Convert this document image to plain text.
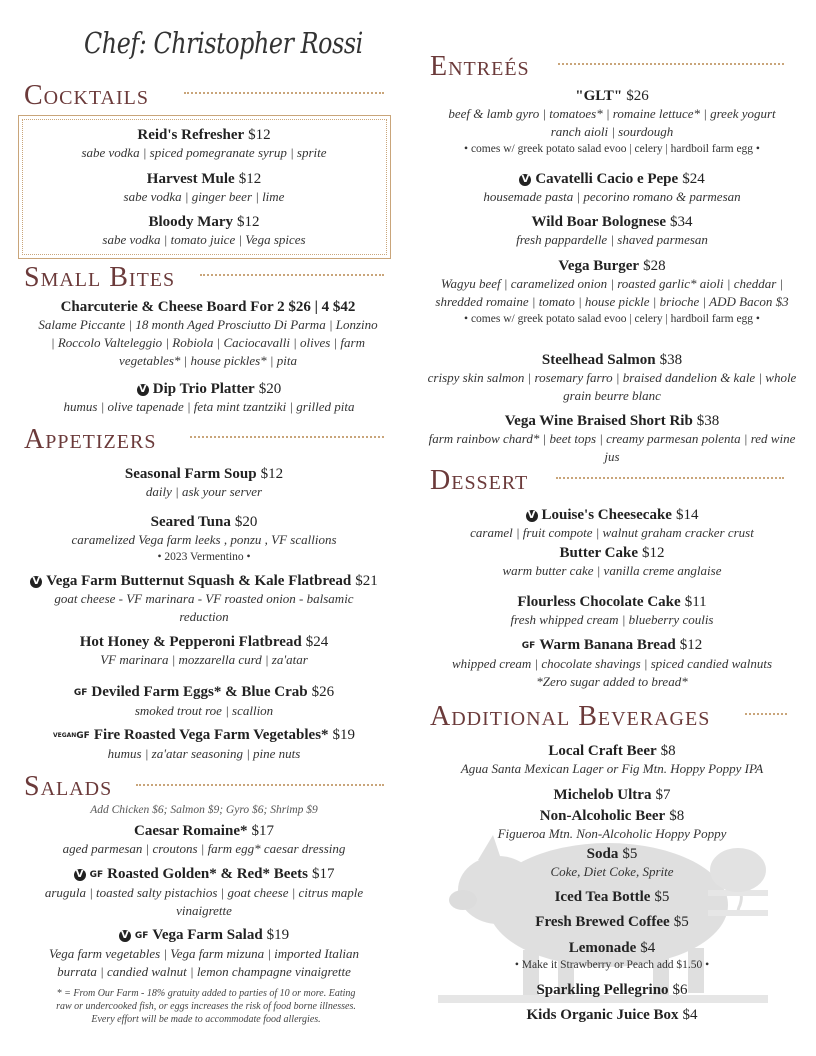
Chef: Christopher Rossi
Cocktails
Reid's Refresher $12
sabe vodka | spiced pomegranate syrup | sprite
Harvest Mule $12
sabe vodka | ginger beer | lime
Bloody Mary $12
sabe vodka | tomato juice | Vega spices
Small Bites
Charcuterie & Cheese Board For 2 $26 | 4 $42
Salame Piccante | 18 month Aged Prosciutto Di Parma | Lonzino | Roccolo Valteleggio | Robiola | Caciocavalli | olives | farm vegetables* | house pickles* | pita
V Dip Trio Platter $20
humus | olive tapenade | feta mint tzantziki | grilled pita
Appetizers
Seasonal Farm Soup $12
daily | ask your server
Seared Tuna $20
caramelized Vega farm leeks , ponzu , VF scallions
• 2023 Vermentino •
V Vega Farm Butternut Squash & Kale Flatbread $21
goat cheese - VF marinara - VF roasted onion - balsamic reduction
Hot Honey & Pepperoni Flatbread $24
VF marinara | mozzarella curd | za'atar
GF Deviled Farm Eggs* & Blue Crab $26
smoked trout roe | scallion
VEGANGF Fire Roasted Vega Farm Vegetables* $19
humus | za'atar seasoning | pine nuts
Salads
Add Chicken $6; Salmon $9; Gyro $6; Shrimp $9
Caesar Romaine* $17
aged parmesan | croutons | farm egg* caesar dressing
V GF Roasted Golden* & Red* Beets $17
arugula | toasted salty pistachios | goat cheese | citrus maple vinaigrette
V GF Vega Farm Salad $19
Vega farm vegetables | Vega farm mizuna | imported Italian burrata | candied walnut | lemon champagne vinaigrette
* = From Our Farm - 18% gratuity added to parties of 10 or more. Eating raw or undercooked fish, or eggs increases the risk of food borne illnesses. Every effort will be made to accommodate food allergies.
Entreés
"GLT" $26
beef & lamb gyro | tomatoes* | romaine lettuce* | greek yogurt ranch aioli | sourdough
• comes w/ greek potato salad evoo | celery | hardboil farm egg •
V Cavatelli Cacio e Pepe $24
housemade pasta | pecorino romano & parmesan
Wild Boar Bolognese $34
fresh pappardelle | shaved parmesan
Vega Burger $28
Wagyu beef | caramelized onion | roasted garlic* aioli | cheddar | shredded romaine | tomato | house pickle | brioche | ADD Bacon $3
• comes w/ greek potato salad evoo | celery | hardboil farm egg •
Steelhead Salmon $38
crispy skin salmon | rosemary farro | braised dandelion & kale | whole grain beurre blanc
Vega Wine Braised Short Rib $38
farm rainbow chard* | beet tops | creamy parmesan polenta | red wine jus
Dessert
V Louise's Cheesecake $14
caramel | fruit compote | walnut graham cracker crust
Butter Cake $12
warm butter cake | vanilla creme anglaise
Flourless Chocolate Cake $11
fresh whipped cream | blueberry coulis
GF Warm Banana Bread $12
whipped cream | chocolate shavings | spiced candied walnuts
*Zero sugar added to bread*
Additional Beverages
Local Craft Beer $8
Agua Santa Mexican Lager or Fig Mtn. Hoppy Poppy IPA
Michelob Ultra $7
Non-Alcoholic Beer $8
Figueroa Mtn. Non-Alcoholic Hoppy Poppy
Soda $5
Coke, Diet Coke, Sprite
Iced Tea Bottle $5
Fresh Brewed Coffee $5
Lemonade $4
• Make it Strawberry or Peach add $1.50 •
Sparkling Pellegrino $6
Kids Organic Juice Box $4
